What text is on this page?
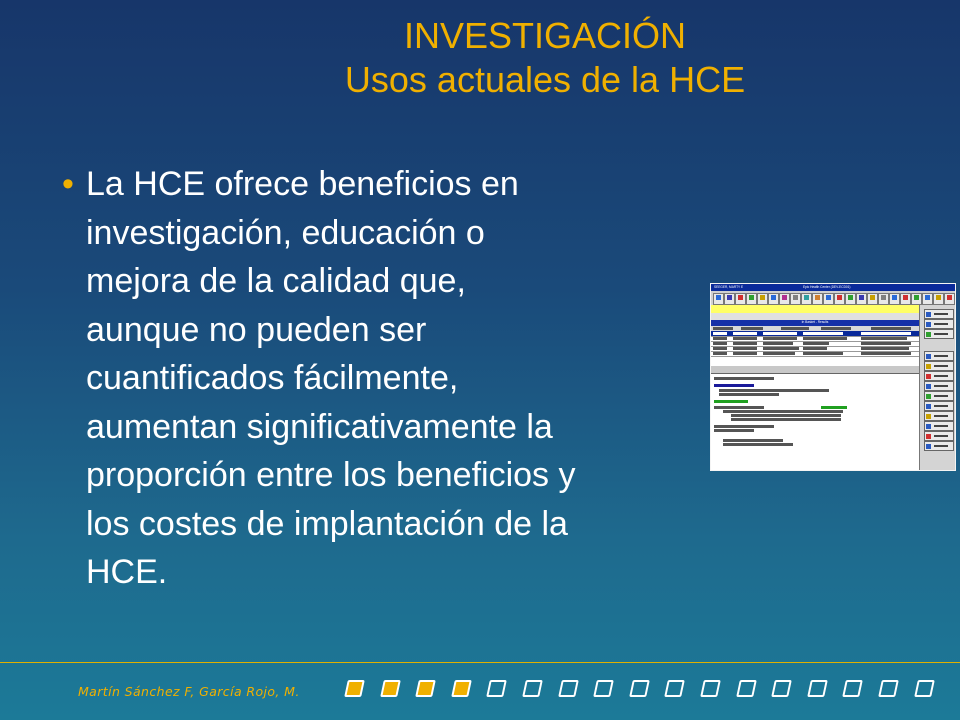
INVESTIGACIÓN
Usos actuales de la HCE
• La HCE ofrece beneficios en
investigación, educación o
mejora de la calidad que,
aunque no pueden ser
cuantificados fácilmente,
aumentan significativamente la
proporción entre los beneficios y
los costes de implantación de la
HCE.
SEEGER, MARTY E	Epic Health Center (DEV-ECD01)
In Basket - Results
Martín Sánchez F, García Rojo, M.
